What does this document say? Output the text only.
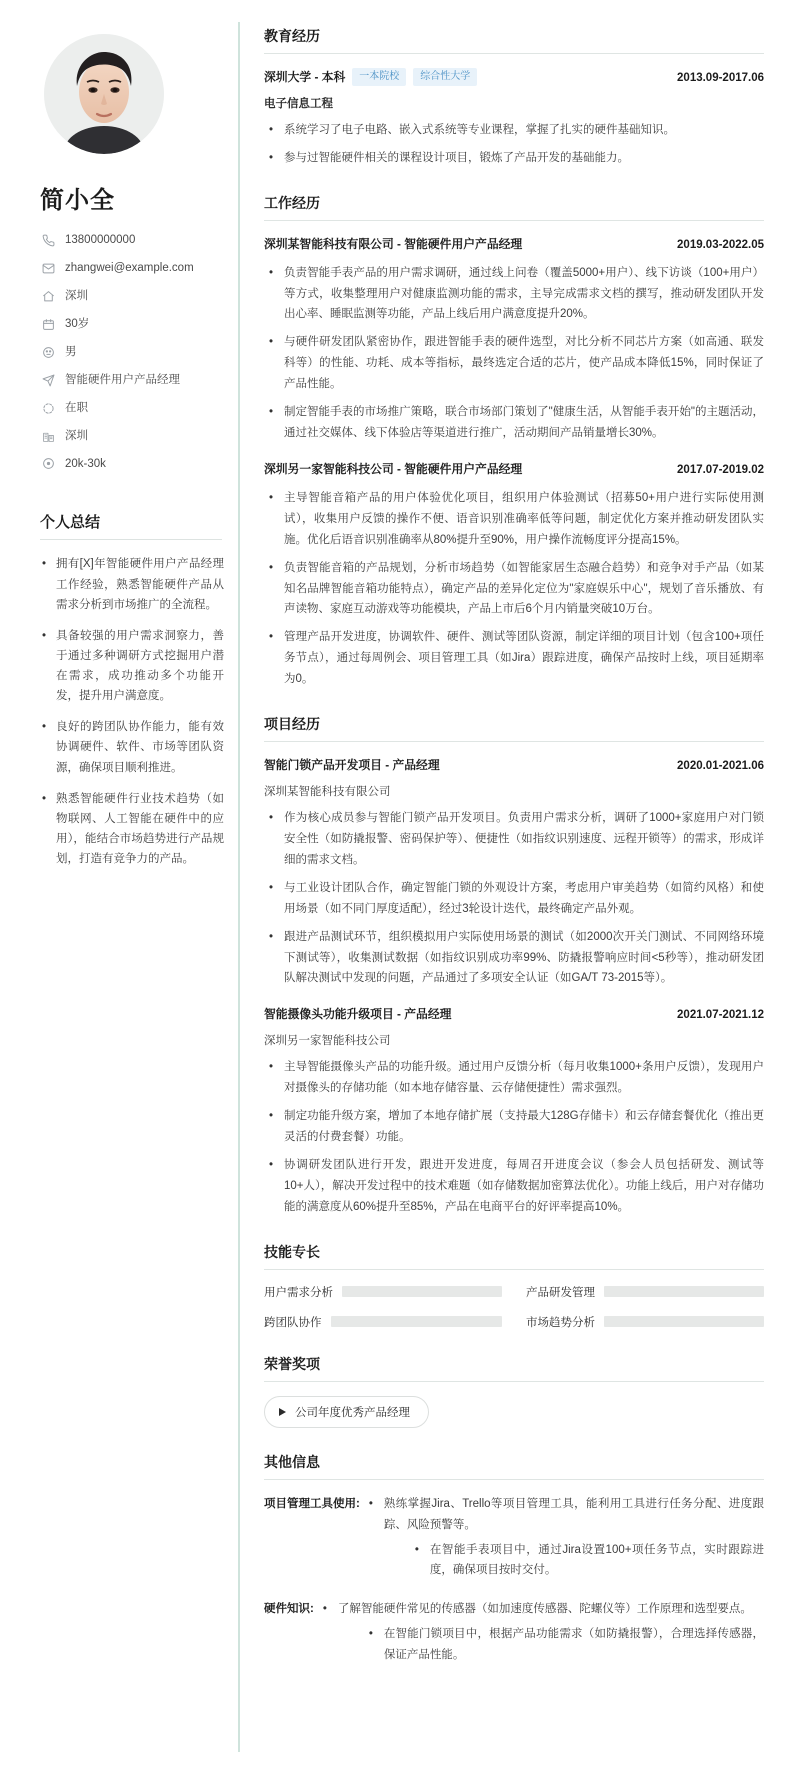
简小全
13800000000
zhangwei@example.com
深圳
30岁
男
智能硬件用户产品经理
在职
深圳
20k-30k
个人总结
• 拥有[X]年智能硬件用户产品经理工作经验，熟悉智能硬件产品从需求分析到市场推广的全流程。
• 具备较强的用户需求洞察力，善于通过多种调研方式挖掘用户潜在需求，成功推动多个功能开发，提升用户满意度。
• 良好的跨团队协作能力，能有效协调硬件、软件、市场等团队资源，确保项目顺利推进。
• 熟悉智能硬件行业技术趋势（如物联网、人工智能在硬件中的应用），能结合市场趋势进行产品规划，打造有竞争力的产品。
教育经历
深圳大学 - 本科	一本院校	综合性大学	2013.09-2017.06
电子信息工程
• 系统学习了电子电路、嵌入式系统等专业课程，掌握了扎实的硬件基础知识。
• 参与过智能硬件相关的课程设计项目，锻炼了产品开发的基础能力。
工作经历
深圳某智能科技有限公司 - 智能硬件用户产品经理	2019.03-2022.05
• 负责智能手表产品的用户需求调研，通过线上问卷（覆盖5000+用户）、线下访谈（100+用户）等方式，收集整理用户对健康监测功能的需求，主导完成需求文档的撰写，推动研发团队开发出心率、睡眠监测等功能，产品上线后用户满意度提升20%。
• 与硬件研发团队紧密协作，跟进智能手表的硬件选型，对比分析不同芯片方案（如高通、联发科等）的性能、功耗、成本等指标，最终选定合适的芯片，使产品成本降低15%，同时保证了产品性能。
• 制定智能手表的市场推广策略，联合市场部门策划了"健康生活，从智能手表开始"的主题活动，通过社交媒体、线下体验店等渠道进行推广，活动期间产品销量增长30%。
深圳另一家智能科技公司 - 智能硬件用户产品经理	2017.07-2019.02
• 主导智能音箱产品的用户体验优化项目，组织用户体验测试（招募50+用户进行实际使用测试），收集用户反馈的操作不便、语音识别准确率低等问题，制定优化方案并推动研发团队实施。优化后语音识别准确率从80%提升至90%，用户操作流畅度评分提高15%。
• 负责智能音箱的产品规划，分析市场趋势（如智能家居生态融合趋势）和竞争对手产品（如某知名品牌智能音箱功能特点），确定产品的差异化定位为"家庭娱乐中心"，规划了音乐播放、有声读物、家庭互动游戏等功能模块，产品上市后6个月内销量突破10万台。
• 管理产品开发进度，协调软件、硬件、测试等团队资源，制定详细的项目计划（包含100+项任务节点），通过每周例会、项目管理工具（如Jira）跟踪进度，确保产品按时上线，项目延期率为0。
项目经历
智能门锁产品开发项目 - 产品经理	2020.01-2021.06
深圳某智能科技有限公司
• 作为核心成员参与智能门锁产品开发项目。负责用户需求分析，调研了1000+家庭用户对门锁安全性（如防撬报警、密码保护等）、便捷性（如指纹识别速度、远程开锁等）的需求，形成详细的需求文档。
• 与工业设计团队合作，确定智能门锁的外观设计方案，考虑用户审美趋势（如简约风格）和使用场景（如不同门厚度适配），经过3轮设计迭代，最终确定产品外观。
• 跟进产品测试环节，组织模拟用户实际使用场景的测试（如2000次开关门测试、不同网络环境下测试等），收集测试数据（如指纹识别成功率99%、防撬报警响应时间<5秒等），推动研发团队解决测试中发现的问题，产品通过了多项安全认证（如GA/T 73-2015等）。
智能摄像头功能升级项目 - 产品经理	2021.07-2021.12
深圳另一家智能科技公司
• 主导智能摄像头产品的功能升级。通过用户反馈分析（每月收集1000+条用户反馈），发现用户对摄像头的存储功能（如本地存储容量、云存储便捷性）需求强烈。
• 制定功能升级方案，增加了本地存储扩展（支持最大128G存储卡）和云存储套餐优化（推出更灵活的付费套餐）功能。
• 协调研发团队进行开发，跟进开发进度，每周召开进度会议（参会人员包括研发、测试等10+人），解决开发过程中的技术难题（如存储数据加密算法优化）。功能上线后，用户对存储功能的满意度从60%提升至85%，产品在电商平台的好评率提高10%。
技能专长
用户需求分析	产品研发管理
跨团队协作	市场趋势分析
荣誉奖项
公司年度优秀产品经理
其他信息
项目管理工具使用:	• 熟练掌握Jira、Trello等项目管理工具，能利用工具进行任务分配、进度跟踪、风险预警等。
• 在智能手表项目中，通过Jira设置100+项任务节点，实时跟踪进度，确保项目按时交付。
硬件知识:	• 了解智能硬件常见的传感器（如加速度传感器、陀螺仪等）工作原理和选型要点。
• 在智能门锁项目中，根据产品功能需求（如防撬报警），合理选择传感器，保证产品性能。
